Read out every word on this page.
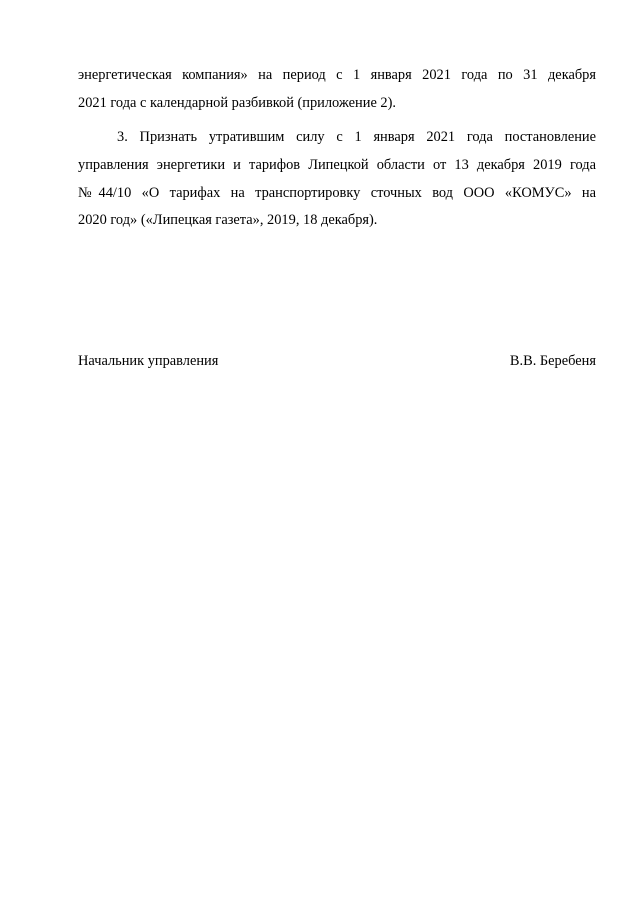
энергетическая компания» на период с 1 января 2021 года по 31 декабря
2021 года с календарной разбивкой (приложение 2).
3. Признать утратившим силу с 1 января 2021 года постановление
управления энергетики и тарифов Липецкой области от 13 декабря 2019 года
№44/10 «О тарифах на транспортировку сточных вод ООО «КОМУС» на
2020 год» («Липецкая газета», 2019, 18 декабря).
Начальник управления	В.В. Беребеня
